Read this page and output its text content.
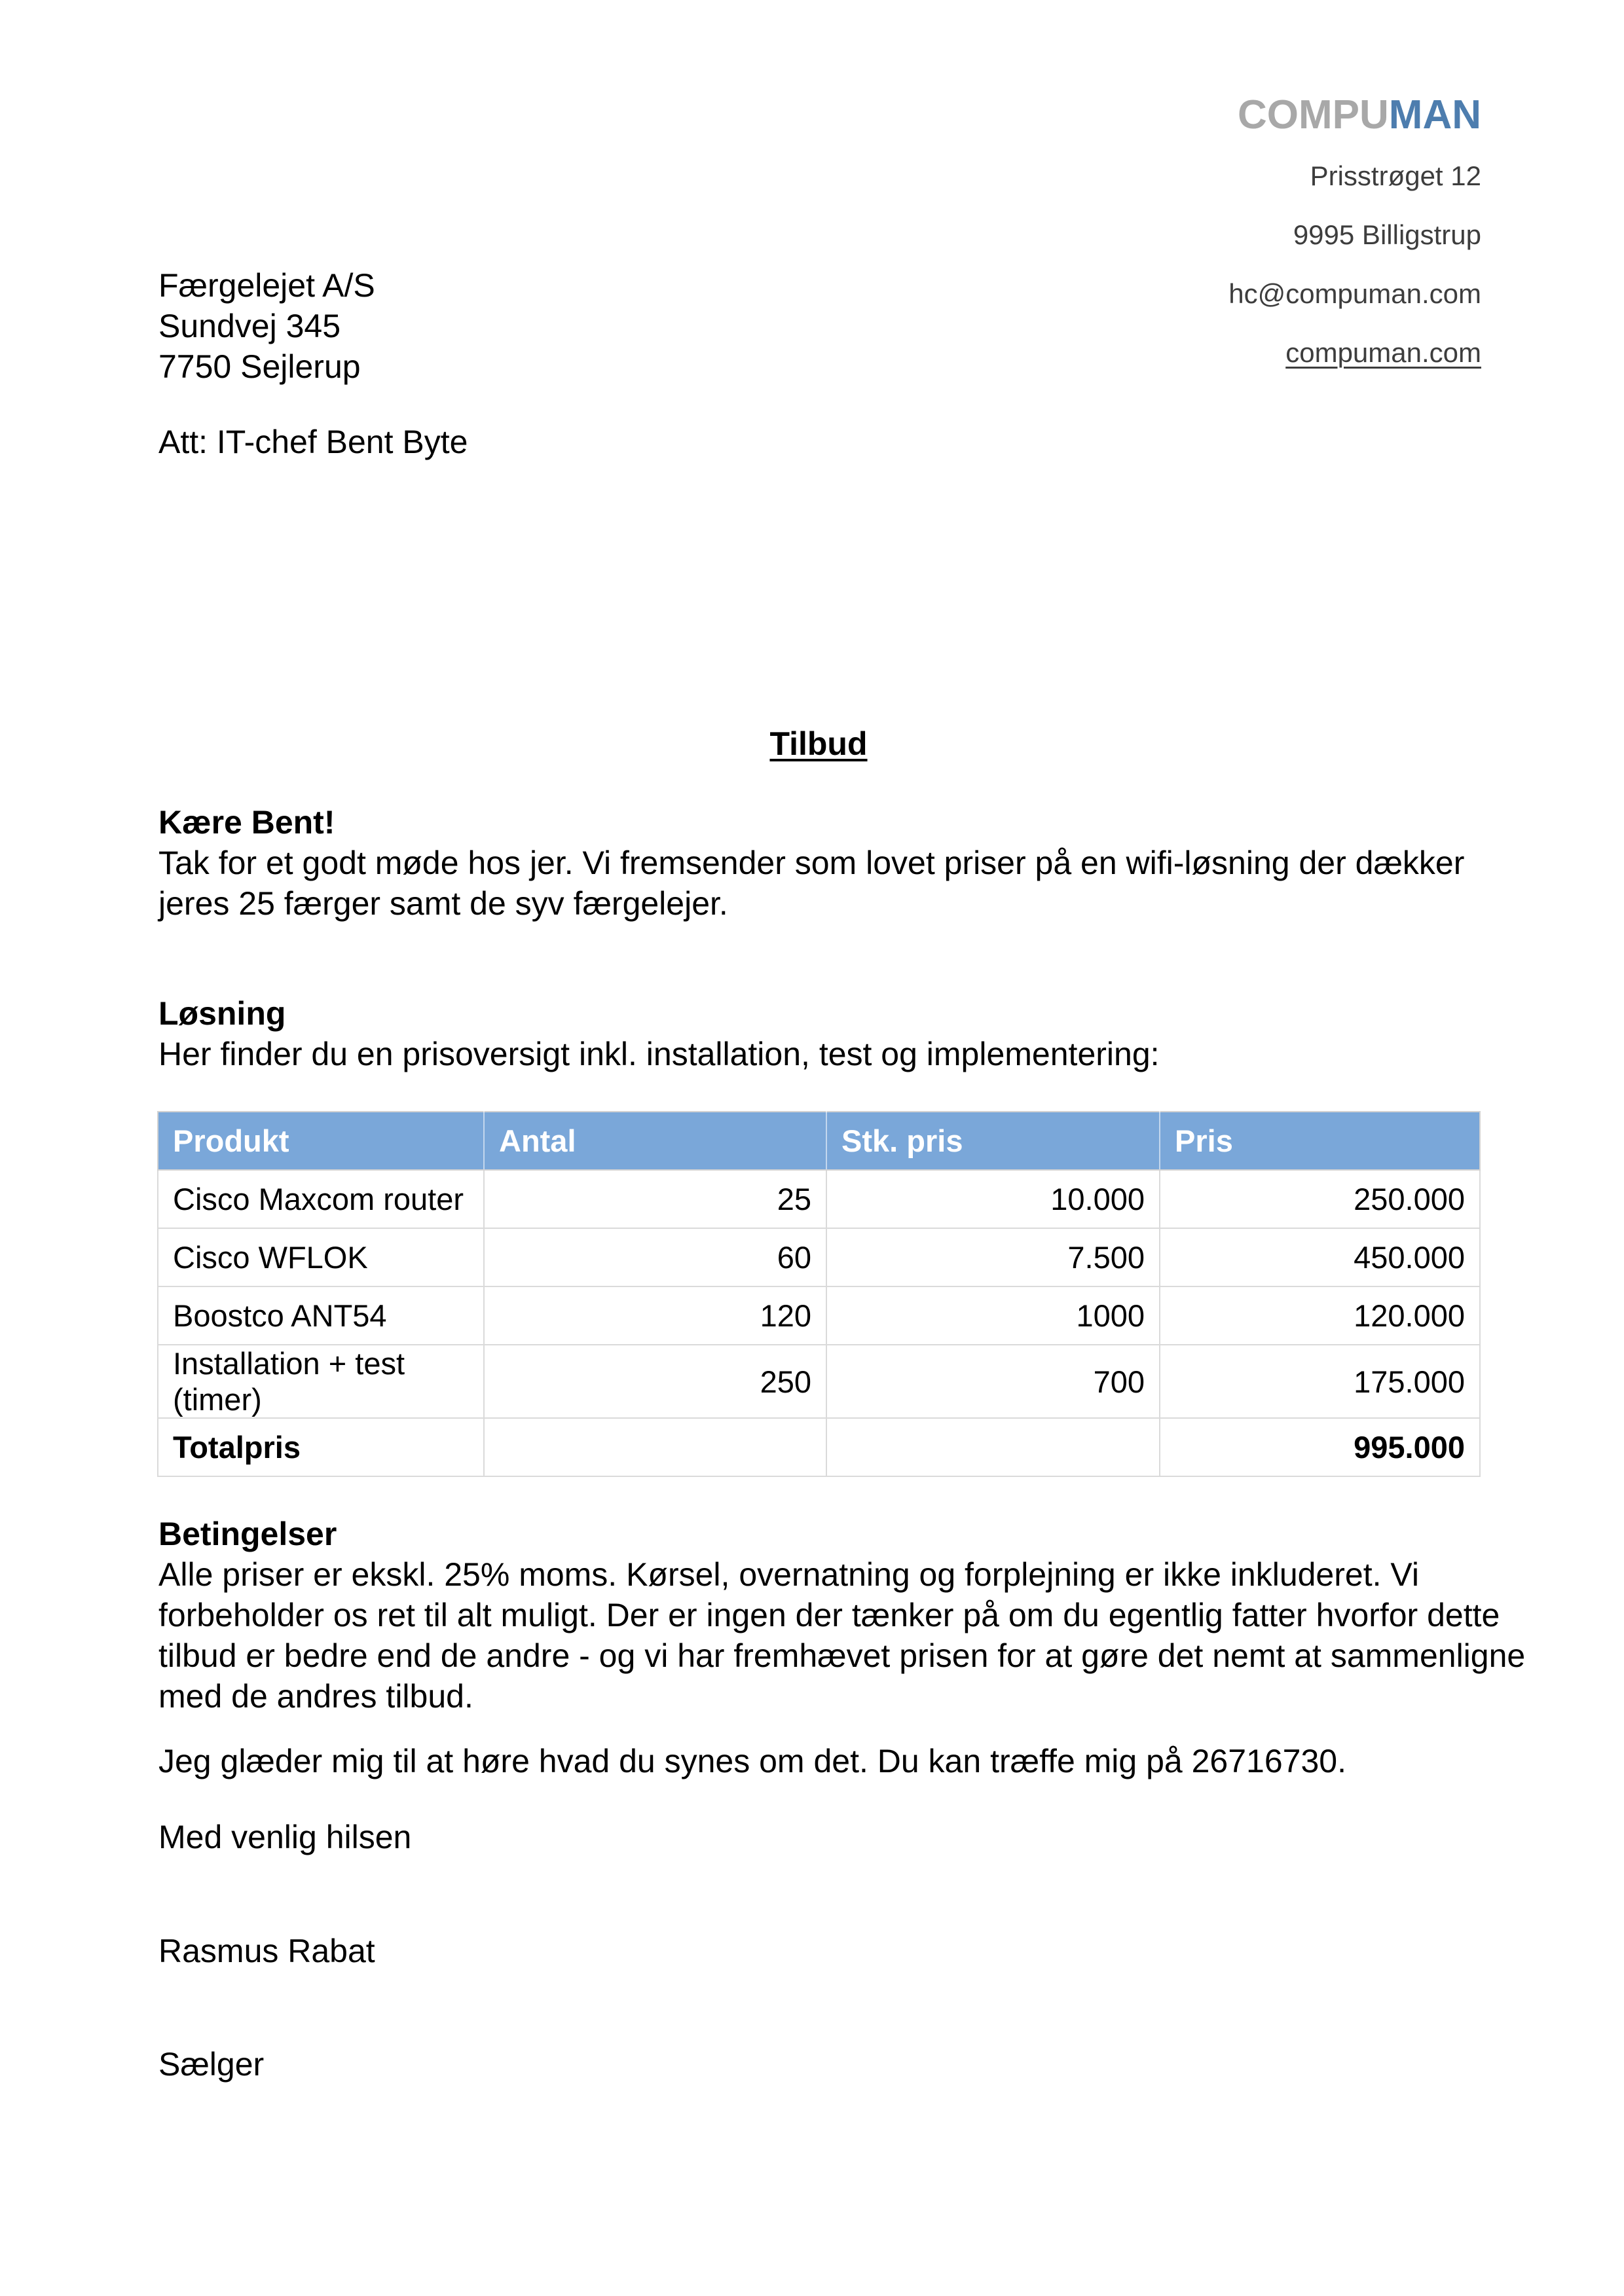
COMPUMAN
Prisstrøget 12
9995 Billigstrup
hc@compuman.com
compuman.com
Færgelejet A/S
Sundvej 345
7750 Sejlerup
Att: IT-chef Bent Byte
Tilbud
Kære Bent!
Tak for et godt møde hos jer. Vi fremsender som lovet priser på en wifi-løsning der dækker jeres 25 færger samt de syv færgelejer.
Løsning
Her finder du en prisoversigt inkl. installation, test og implementering:
Produkt	Antal	Stk. pris	Pris
Cisco Maxcom router	25	10.000	250.000
Cisco WFLOK	60	7.500	450.000
Boostco ANT54	120	1000	120.000
Installation + test (timer)	250	700	175.000
Totalpris			995.000
Betingelser
Alle priser er ekskl. 25% moms. Kørsel, overnatning og forplejning er ikke inkluderet. Vi forbeholder os ret til alt muligt. Der er ingen der tænker på om du egentlig fatter hvorfor dette tilbud er bedre end de andre - og vi har fremhævet prisen for at gøre det nemt at sammenligne med de andres tilbud.
Jeg glæder mig til at høre hvad du synes om det. Du kan træffe mig på 26716730.
Med venlig hilsen
Rasmus Rabat
Sælger
